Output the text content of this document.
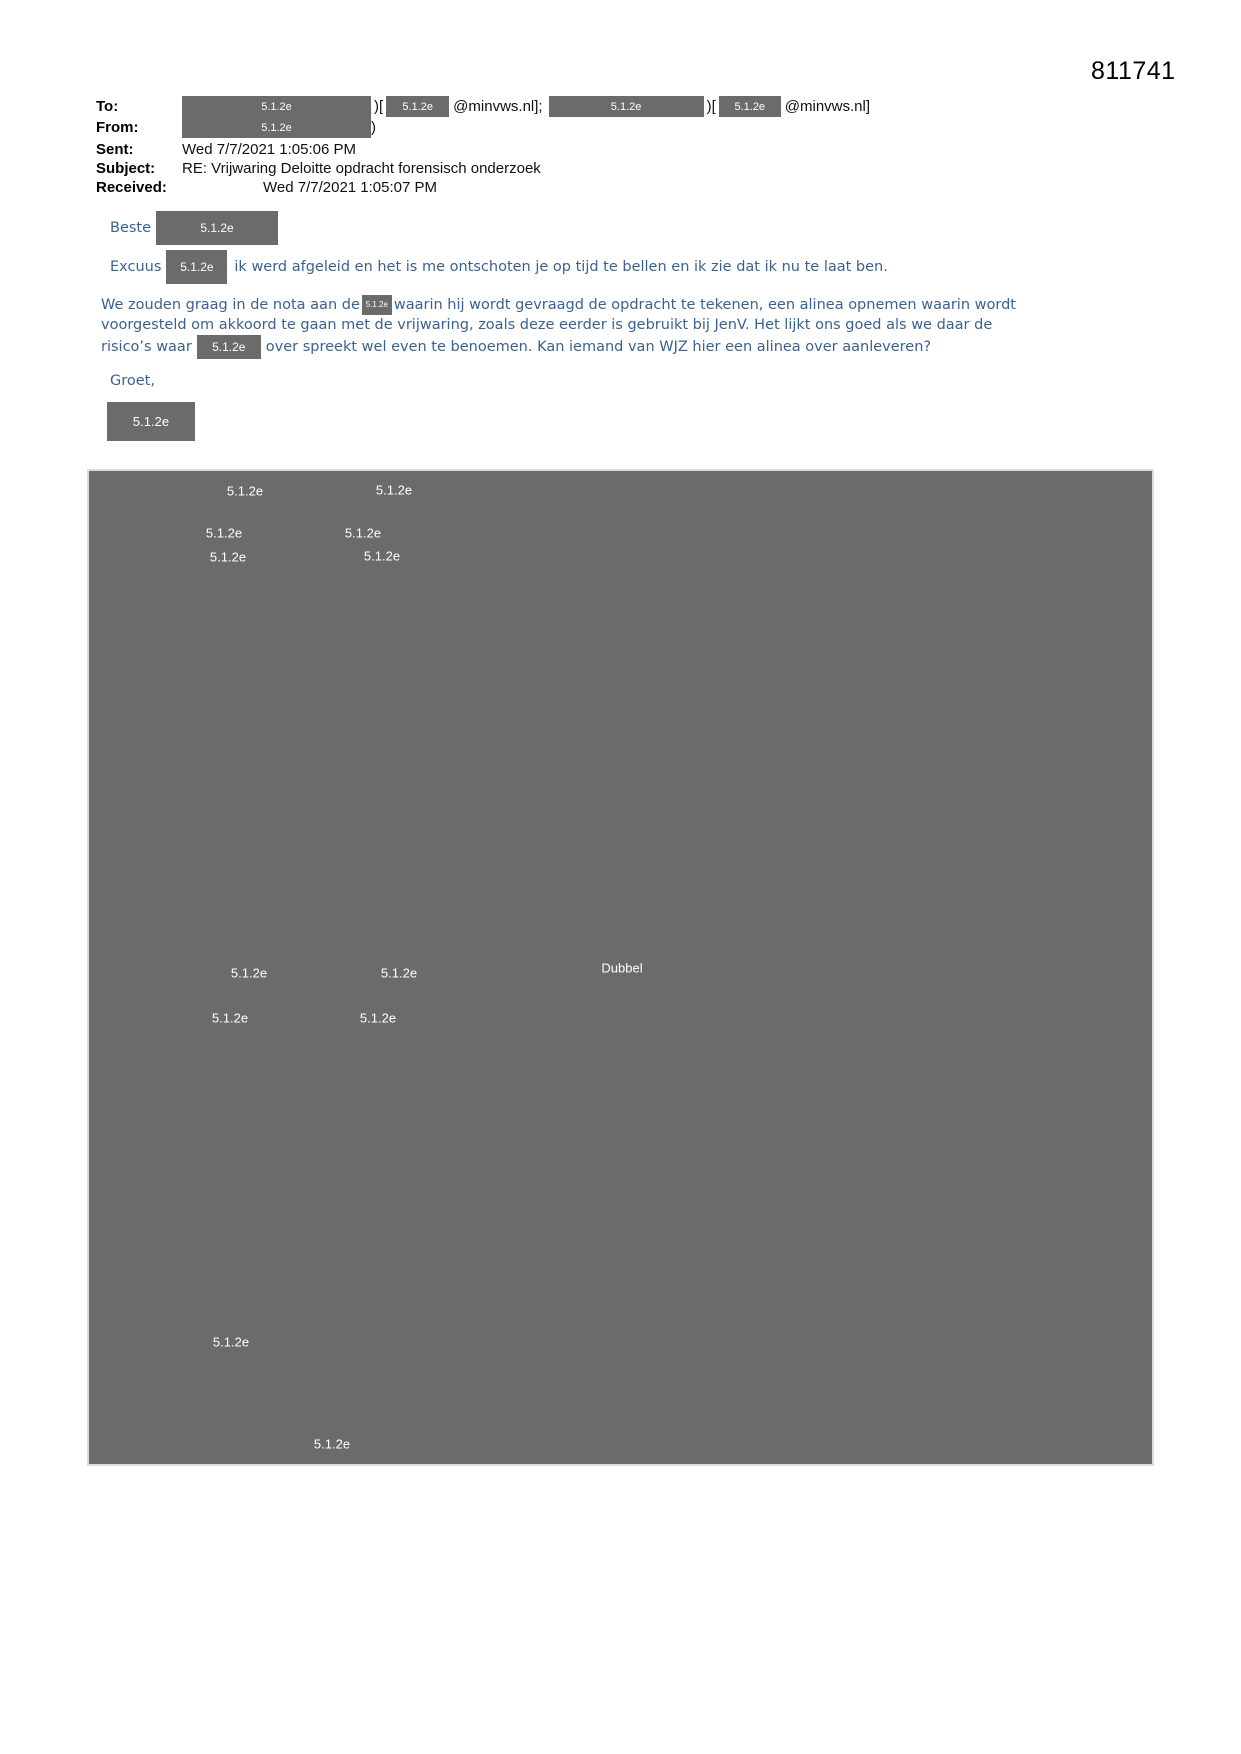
811741
To:	5.1.2e	)[	5.1.2e	@minvws.nl];	5.1.2e	)[	5.1.2e	@minvws.nl]
From:	5.1.2e	)
Sent:	Wed 7/7/2021 1:05:06 PM
Subject:	RE: Vrijwaring Deloitte opdracht forensisch onderzoek
Received:	Wed 7/7/2021 1:05:07 PM
Beste	5.1.2e
Excuus	5.1.2e	ik werd afgeleid en het is me ontschoten je op tijd te bellen en ik zie dat ik nu te laat ben.
We zouden graag in de nota aan de 5.1.2e waarin hij wordt gevraagd de opdracht te tekenen, een alinea opnemen waarin wordt
voorgesteld om akkoord te gaan met de vrijwaring, zoals deze eerder is gebruikt bij JenV. Het lijkt ons goed als we daar de
risico’s waar 5.1.2e over spreekt wel even te benoemen. Kan iemand van WJZ hier een alinea over aanleveren?
Groet,
5.1.2e
5.1.2e	5.1.2e
5.1.2e	5.1.2e
5.1.2e	5.1.2e
5.1.2e	5.1.2e	Dubbel
5.1.2e	5.1.2e
5.1.2e
5.1.2e
